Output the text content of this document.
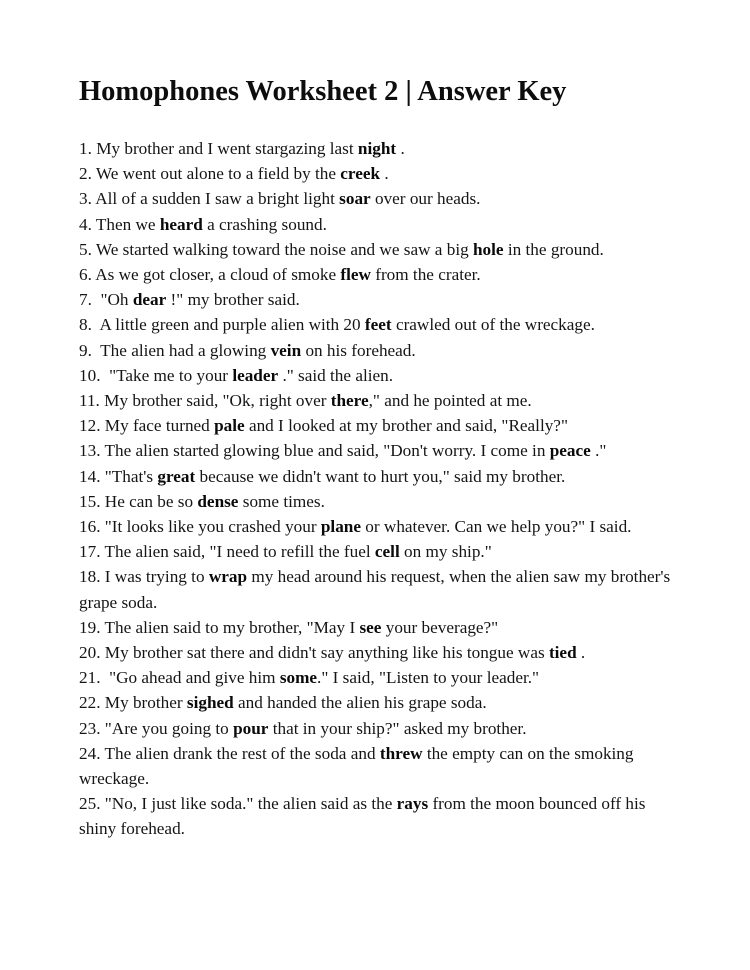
Homophones Worksheet 2 | Answer Key
1. My brother and I went stargazing last night .
2. We went out alone to a field by the creek .
3. All of a sudden I saw a bright light soar over our heads.
4. Then we heard a crashing sound.
5. We started walking toward the noise and we saw a big hole in the ground.
6. As we got closer, a cloud of smoke flew from the crater.
7.  "Oh dear !" my brother said.
8.  A little green and purple alien with 20 feet crawled out of the wreckage.
9.  The alien had a glowing vein on his forehead.
10.  "Take me to your leader ." said the alien.
11. My brother said, "Ok, right over there," and he pointed at me.
12. My face turned pale and I looked at my brother and said, "Really?"
13. The alien started glowing blue and said, "Don't worry. I come in peace ."
14. "That's great because we didn't want to hurt you," said my brother.
15. He can be so dense some times.
16. "It looks like you crashed your plane or whatever. Can we help you?" I said.
17. The alien said, "I need to refill the fuel cell on my ship."
18. I was trying to wrap my head around his request, when the alien saw my brother's grape soda.
19. The alien said to my brother, "May I see your beverage?"
20. My brother sat there and didn't say anything like his tongue was tied .
21.  "Go ahead and give him some." I said, "Listen to your leader."
22. My brother sighed and handed the alien his grape soda.
23. "Are you going to pour that in your ship?" asked my brother.
24. The alien drank the rest of the soda and threw the empty can on the smoking wreckage.
25. "No, I just like soda." the alien said as the rays from the moon bounced off his shiny forehead.
